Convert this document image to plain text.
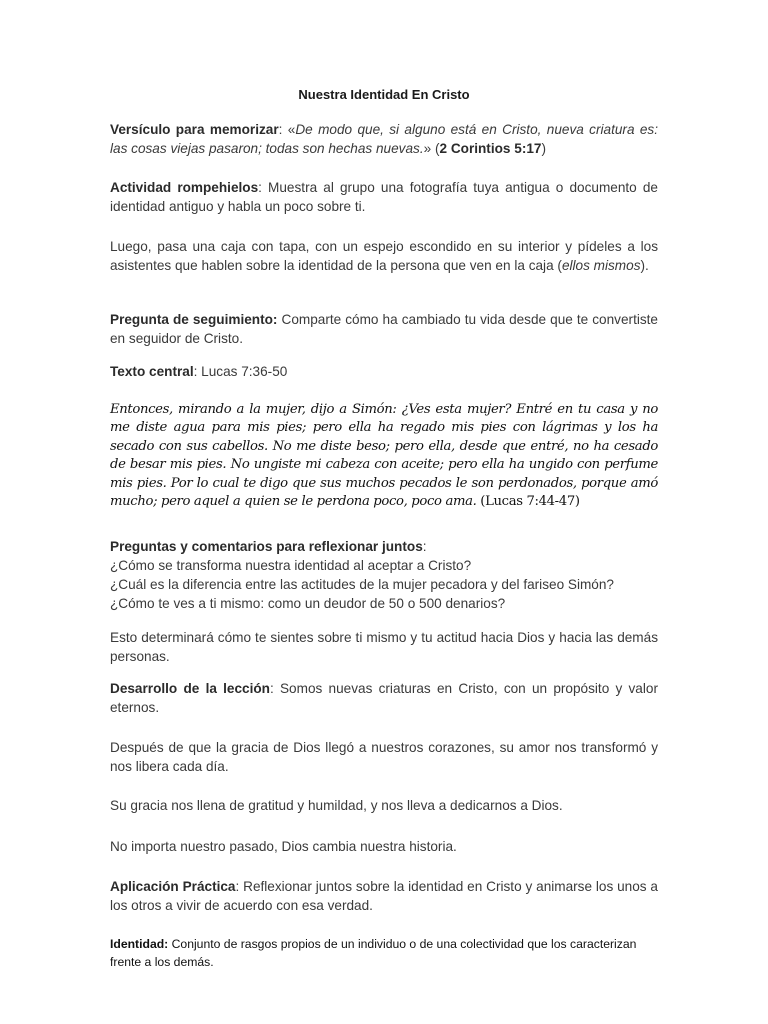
Nuestra Identidad En Cristo
Versículo para memorizar: «De modo que, si alguno está en Cristo, nueva criatura es: las cosas viejas pasaron; todas son hechas nuevas.» (2 Corintios 5:17)
Actividad rompehielos: Muestra al grupo una fotografía tuya antigua o documento de identidad antiguo y habla un poco sobre ti.
Luego, pasa una caja con tapa, con un espejo escondido en su interior y pídeles a los asistentes que hablen sobre la identidad de la persona que ven en la caja (ellos mismos).
Pregunta de seguimiento: Comparte cómo ha cambiado tu vida desde que te convertiste en seguidor de Cristo.
Texto central: Lucas 7:36-50
Entonces, mirando a la mujer, dijo a Simón: ¿Ves esta mujer? Entré en tu casa y no me diste agua para mis pies; pero ella ha regado mis pies con lágrimas y los ha secado con sus cabellos. No me diste beso; pero ella, desde que entré, no ha cesado de besar mis pies. No ungiste mi cabeza con aceite; pero ella ha ungido con perfume mis pies. Por lo cual te digo que sus muchos pecados le son perdonados, porque amó mucho; pero aquel a quien se le perdona poco, poco ama. (Lucas 7:44-47)
Preguntas y comentarios para reflexionar juntos:
¿Cómo se transforma nuestra identidad al aceptar a Cristo?
¿Cuál es la diferencia entre las actitudes de la mujer pecadora y del fariseo Simón?
¿Cómo te ves a ti mismo: como un deudor de 50 o 500 denarios?
Esto determinará cómo te sientes sobre ti mismo y tu actitud hacia Dios y hacia las demás personas.
Desarrollo de la lección: Somos nuevas criaturas en Cristo, con un propósito y valor eternos.
Después de que la gracia de Dios llegó a nuestros corazones, su amor nos transformó y nos libera cada día.
Su gracia nos llena de gratitud y humildad, y nos lleva a dedicarnos a Dios.
No importa nuestro pasado, Dios cambia nuestra historia.
Aplicación Práctica: Reflexionar juntos sobre la identidad en Cristo y animarse los unos a los otros a vivir de acuerdo con esa verdad.
Identidad: Conjunto de rasgos propios de un individuo o de una colectividad que los caracterizan frente a los demás.
